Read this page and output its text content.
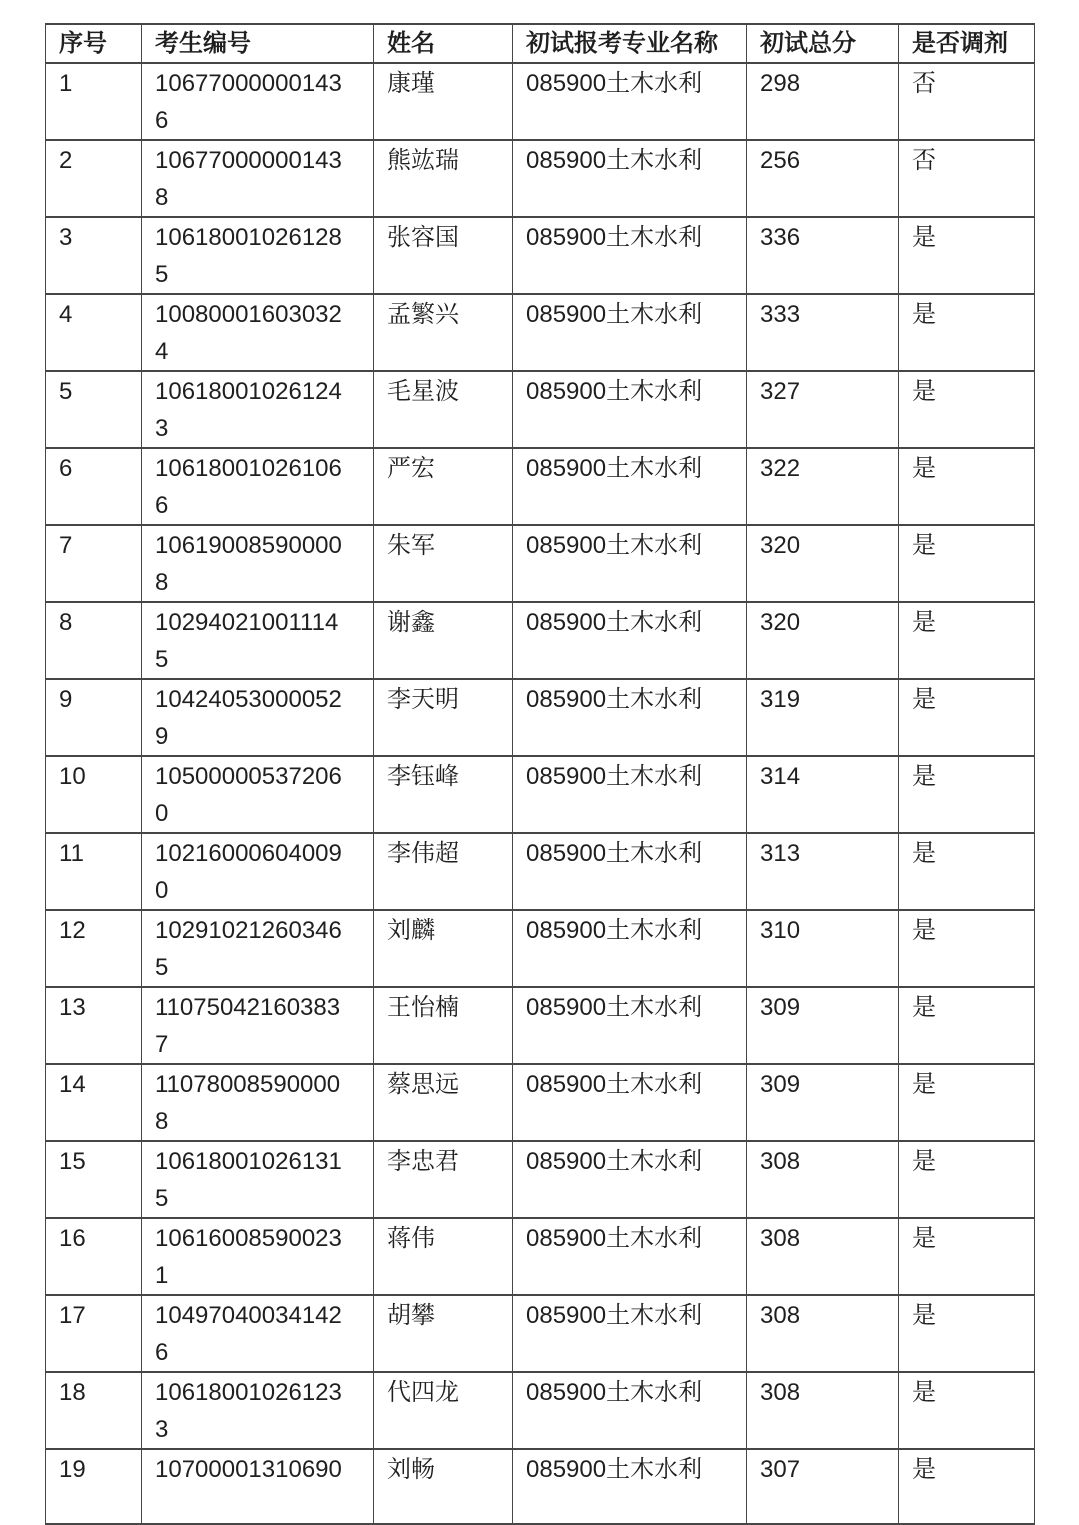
序号	考生编号	姓名	初试报考专业名称	初试总分	是否调剂
1	106770000001436	康瑾	085900土木水利	298	否
2	106770000001438	熊竑瑞	085900土木水利	256	否
3	106180010261285	张容国	085900土木水利	336	是
4	100800016030324	孟繁兴	085900土木水利	333	是
5	106180010261243	毛星波	085900土木水利	327	是
6	106180010261066	严宏	085900土木水利	322	是
7	106190085900008	朱军	085900土木水利	320	是
8	102940210011145	谢鑫	085900土木水利	320	是
9	104240530000529	李天明	085900土木水利	319	是
10	105000005372060	李钰峰	085900土木水利	314	是
11	102160006040090	李伟超	085900土木水利	313	是
12	102910212603465	刘麟	085900土木水利	310	是
13	110750421603837	王怡楠	085900土木水利	309	是
14	110780085900008	蔡思远	085900土木水利	309	是
15	106180010261315	李忠君	085900土木水利	308	是
16	106160085900231	蒋伟	085900土木水利	308	是
17	104970400341426	胡攀	085900土木水利	308	是
18	106180010261233	代四龙	085900土木水利	308	是
19	10700001310690	刘畅	085900土木水利	307	是
